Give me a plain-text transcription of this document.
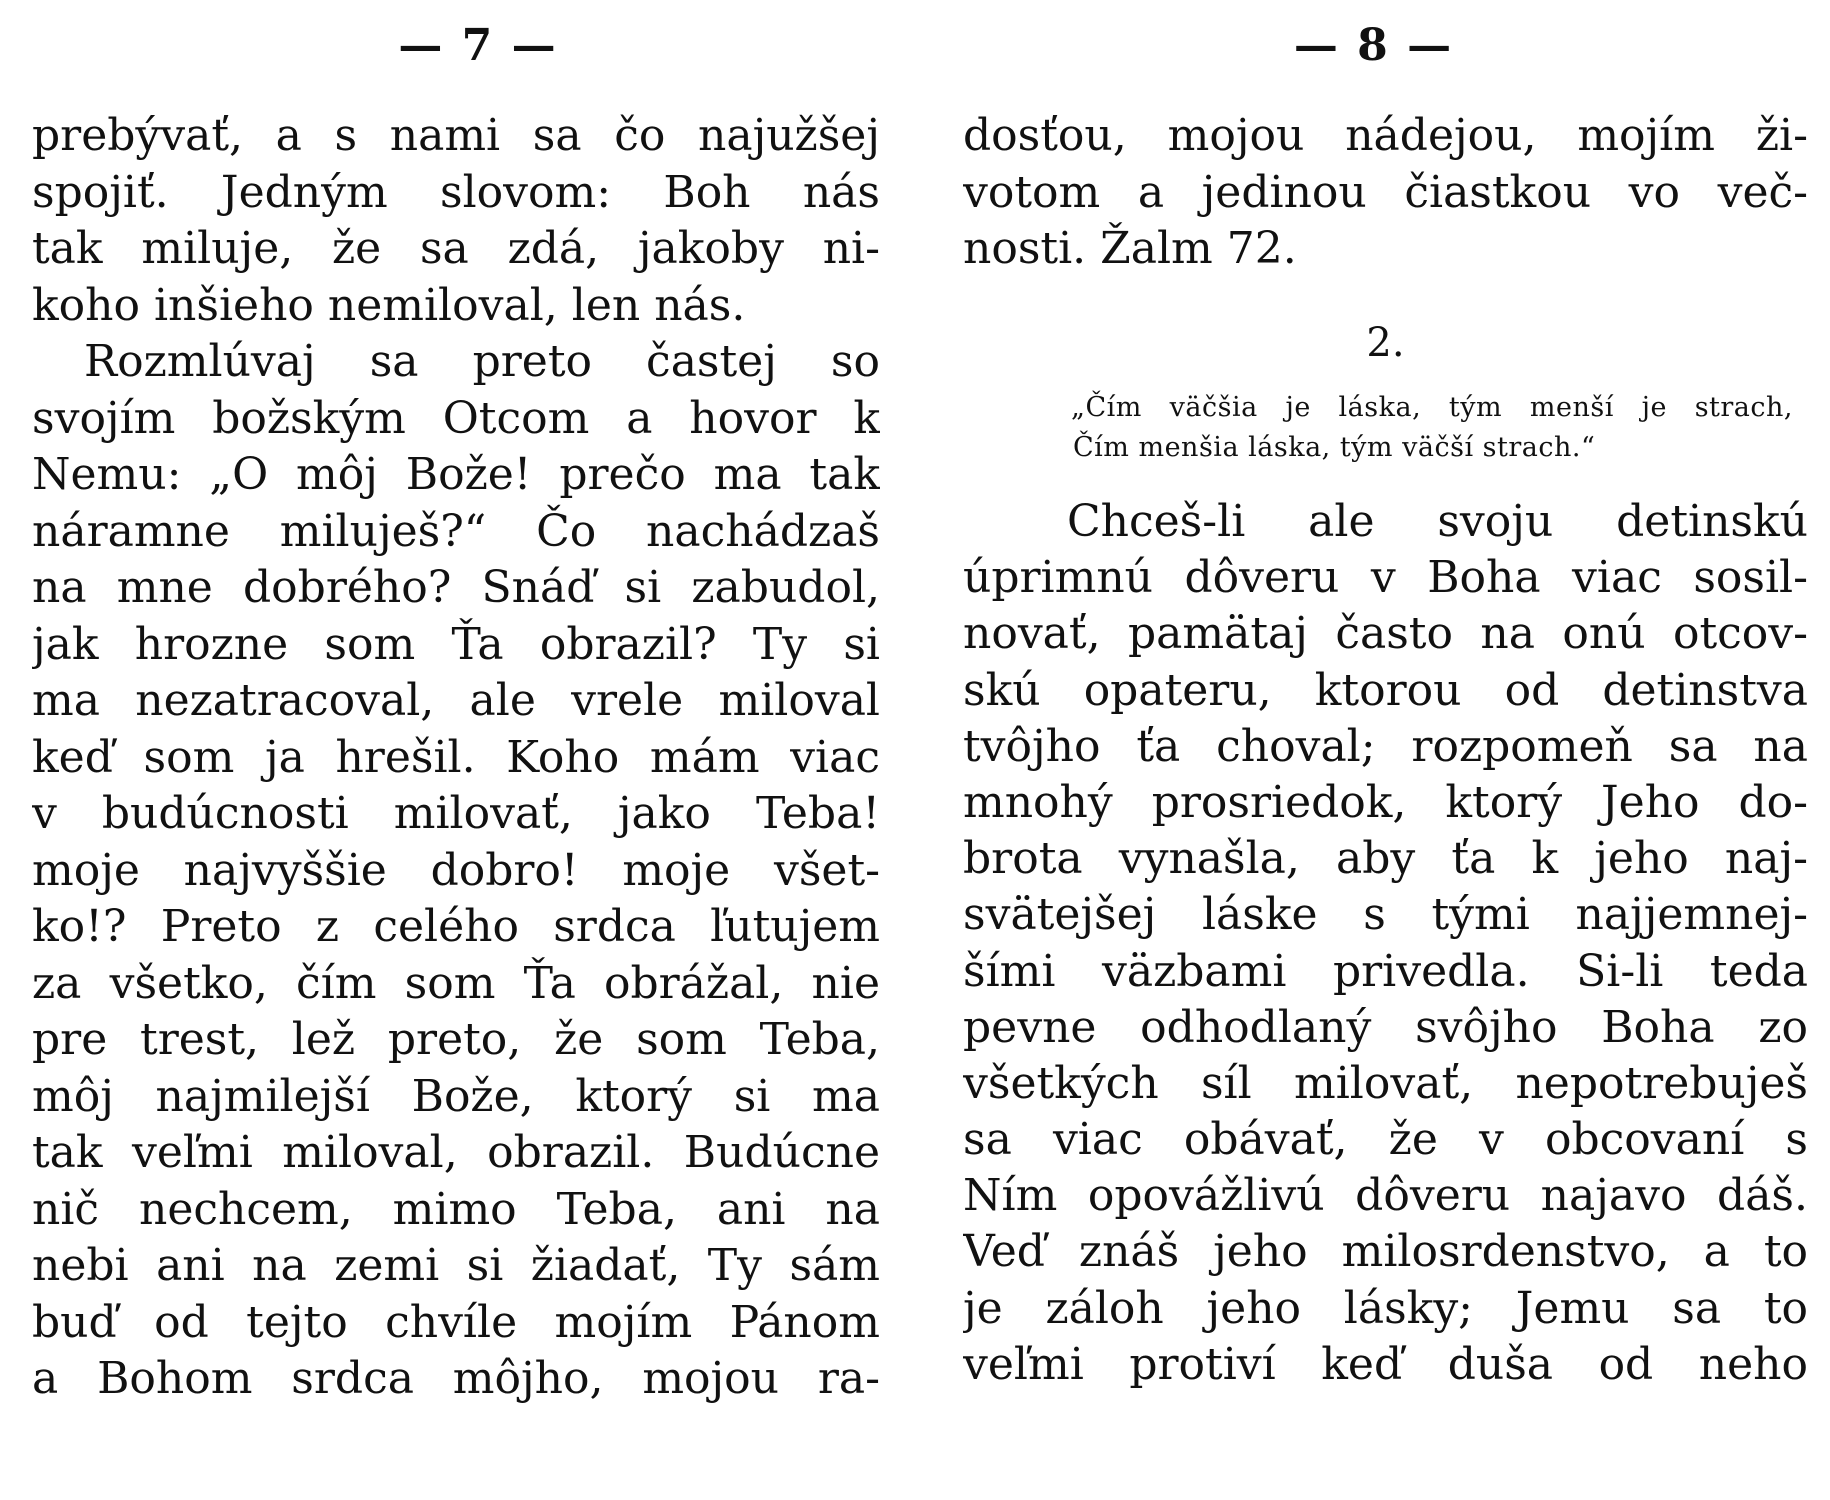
— 7 —
prebývať, a s nami sa čo najužšej
spojiť. Jedným slovom: Boh nás
tak miluje, že sa zdá, jakoby ni-
koho inšieho nemiloval, len nás.
Rozmlúvaj sa preto častej so
svojím božským Otcom a hovor k
Nemu: „O môj Bože! prečo ma tak
náramne miluješ?“ Čo nachádzaš
na mne dobrého? Snáď si zabudol,
jak hrozne som Ťa obrazil? Ty si
ma nezatracoval, ale vrele miloval
keď som ja hrešil. Koho mám viac
v budúcnosti milovať, jako Teba!
moje najvyššie dobro! moje všet-
ko!? Preto z celého srdca ľutujem
za všetko, čím som Ťa obrážal, nie
pre trest, lež preto, že som Teba,
môj najmilejší Bože, ktorý si ma
tak veľmi miloval, obrazil. Budúcne
nič nechcem, mimo Teba, ani na
nebi ani na zemi si žiadať, Ty sám
buď od tejto chvíle mojím Pánom
a Bohom srdca môjho, mojou ra-
— 8 —
dosťou, mojou nádejou, mojím ži-
votom a jedinou čiastkou vo več-
nosti. Žalm 72.
2.
„Čím väčšia je láska, tým menší je strach,
Čím menšia láska, tým väčší strach.“
Chceš-li ale svoju detinskú
úprimnú dôveru v Boha viac sosil-
novať, pamätaj často na onú otcov-
skú opateru, ktorou od detinstva
tvôjho ťa choval; rozpomeň sa na
mnohý prosriedok, ktorý Jeho do-
brota vynašla, aby ťa k jeho naj-
svätejšej láske s tými najjemnej-
šími väzbami privedla. Si-li teda
pevne odhodlaný svôjho Boha zo
všetkých síl milovať, nepotrebuješ
sa viac obávať, že v obcovaní s
Ním opovážlivú dôveru najavo dáš.
Veď znáš jeho milosrdenstvo, a to
je záloh jeho lásky; Jemu sa to
veľmi protiví keď duša od neho
